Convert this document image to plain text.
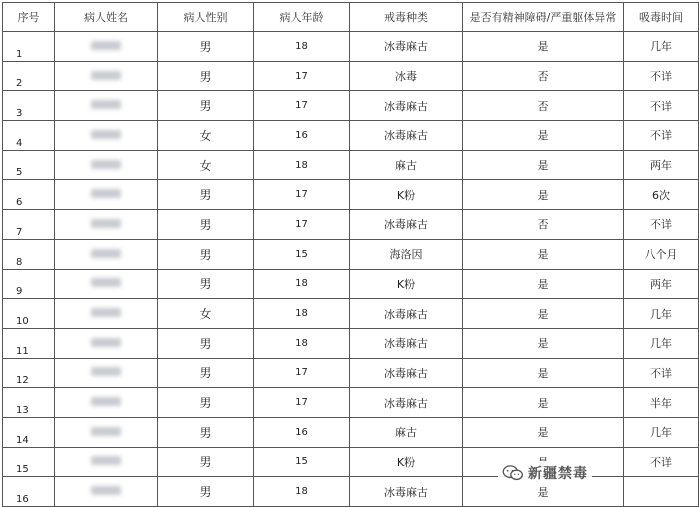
序号	病人姓名	病人性别	病人年龄	戒毒种类	是否有精神障碍/严重躯体异常	吸毒时间
1		男	18	冰毒麻古	是	几年
2		男	17	冰毒	否	不详
3		男	17	冰毒麻古	否	不详
4		女	16	冰毒麻古	是	不详
5		女	18	麻古	是	两年
6		男	17	K粉	是	6次
7		男	17	冰毒麻古	否	不详
8		男	15	海洛因	是	八个月
9		男	18	K粉	是	两年
10		女	18	冰毒麻古	是	几年
11		男	18	冰毒麻古	是	几年
12		男	17	冰毒麻古	是	不详
13		男	17	冰毒麻古	是	半年
14		男	16	麻古	是	几年
15		男	15	K粉		不详
16		男	18	冰毒麻古	是	
新疆禁毒
